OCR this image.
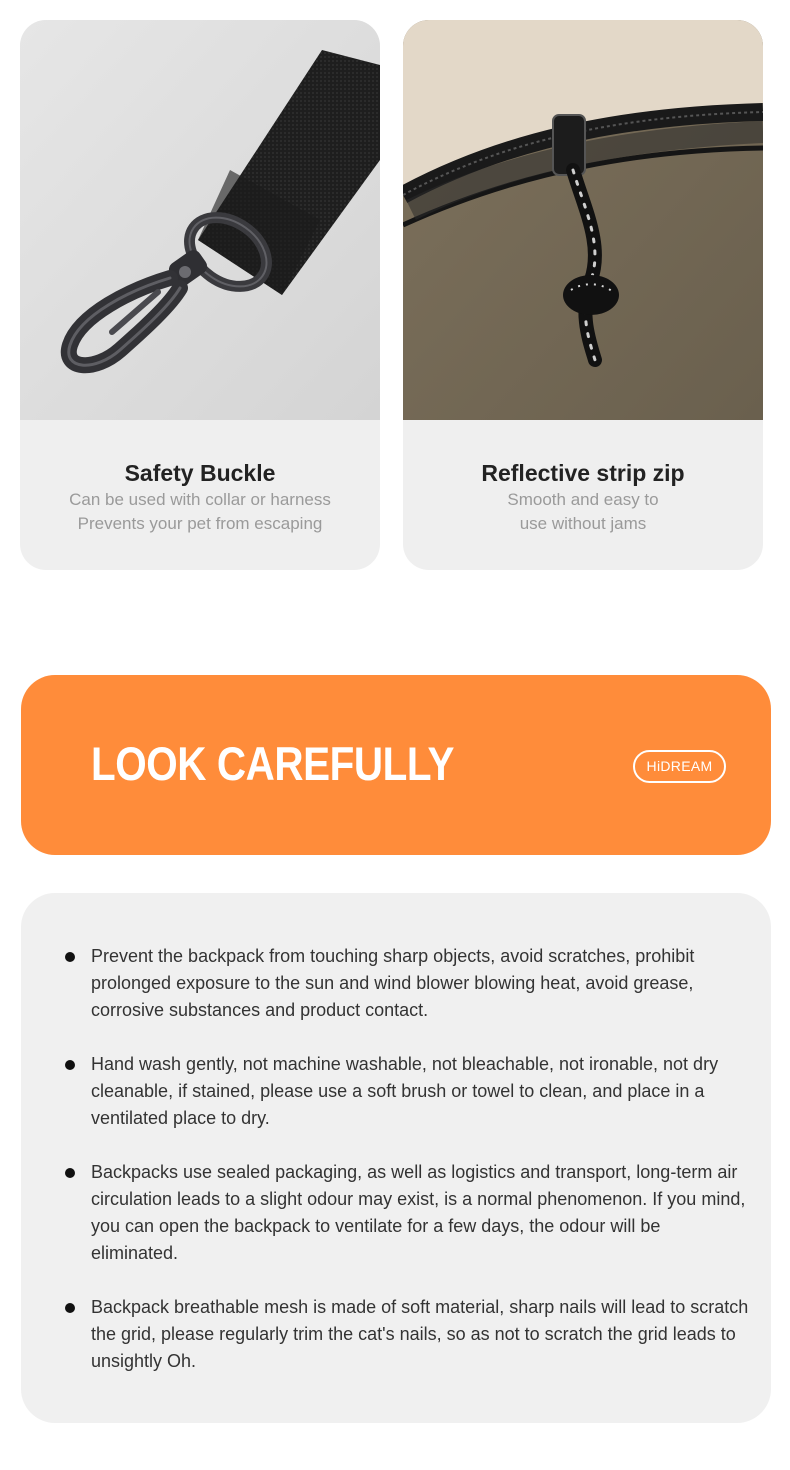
Safety Buckle
Can be used with collar or harness
Prevents your pet from escaping
Reflective strip zip
Smooth and easy to
use without jams
LOOK CAREFULLY	HiDREAM
Prevent the backpack from touching sharp objects, avoid scratches, prohibit prolonged exposure to the sun and wind blower blowing heat, avoid grease, corrosive substances and product contact.
Hand wash gently, not machine washable, not bleachable, not ironable, not dry cleanable, if stained, please use a soft brush or towel to clean, and place in a ventilated place to dry.
Backpacks use sealed packaging, as well as logistics and transport, long-term air circulation leads to a slight odour may exist, is a normal phenomenon. If you mind, you can open the backpack to ventilate for a few days, the odour will be eliminated.
Backpack breathable mesh is made of soft material, sharp nails will lead to scratch the grid, please regularly trim the cat's nails, so as not to scratch the grid leads to unsightly Oh.
